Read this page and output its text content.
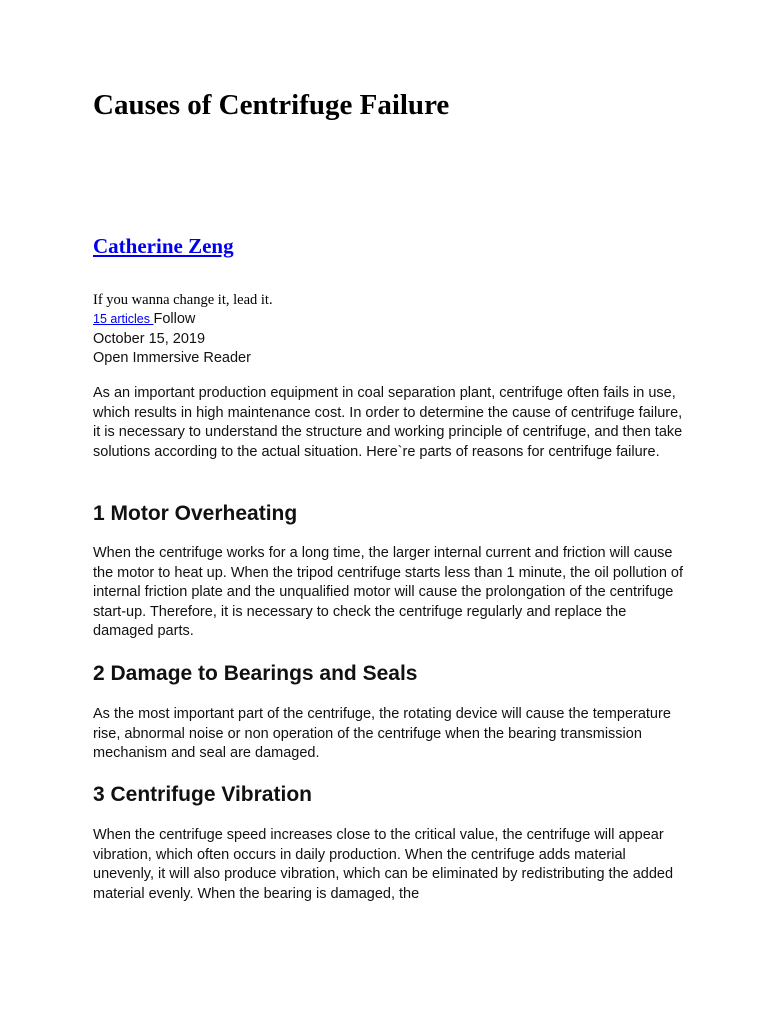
Causes of Centrifuge Failure
Catherine Zeng

If you wanna change it, lead it.

15 articles Follow
October 15, 2019
Open Immersive Reader

As an important production equipment in coal separation plant, centrifuge often fails in use, which results in high maintenance cost. In order to determine the cause of centrifuge failure, it is necessary to understand the structure and working principle of centrifuge, and then take solutions according to the actual situation. Here`re parts of reasons for centrifuge failure.

1 Motor Overheating

When the centrifuge works for a long time, the larger internal current and friction will cause the motor to heat up. When the tripod centrifuge starts less than 1 minute, the oil pollution of internal friction plate and the unqualified motor will cause the prolongation of the centrifuge start-up. Therefore, it is necessary to check the centrifuge regularly and replace the damaged parts.

2 Damage to Bearings and Seals

As the most important part of the centrifuge, the rotating device will cause the temperature rise, abnormal noise or non operation of the centrifuge when the bearing transmission mechanism and seal are damaged.

3 Centrifuge Vibration

When the centrifuge speed increases close to the critical value, the centrifuge will appear vibration, which often occurs in daily production. When the centrifuge adds material unevenly, it will also produce vibration, which can be eliminated by redistributing the added material evenly. When the bearing is damaged, the
